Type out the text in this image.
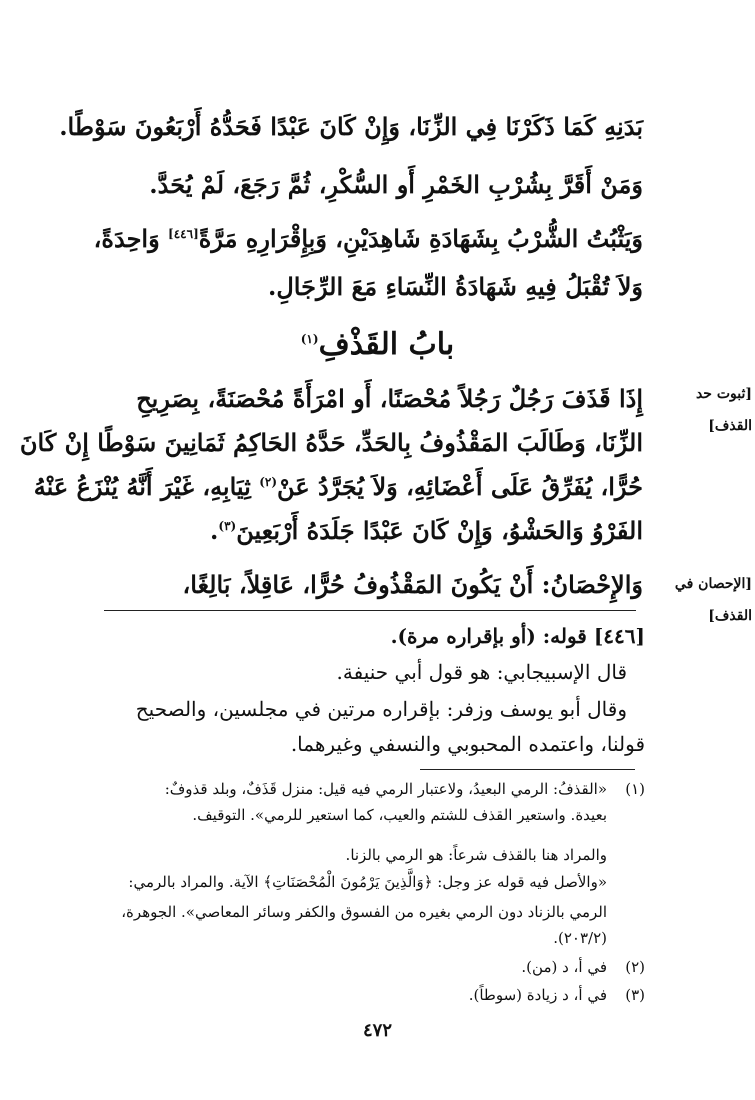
بَدَنِهِ كَمَا ذَكَرْنَا فِي الزِّنَا، وَإِنْ كَانَ عَبْدًا فَحَدُّهُ أَرْبَعُونَ سَوْطًا.
وَمَنْ أَقَرَّ بِشُرْبِ الخَمْرِ أَو السُّكْرِ، ثُمَّ رَجَعَ، لَمْ يُحَدَّ.
وَيَثْبُتُ الشُّرْبُ بِشَهَادَةِ شَاهِدَيْنِ، وَبِإِقْرَارِهِ مَرَّةً[٤٤٦] وَاحِدَةً،
وَلاَ تُقْبَلُ فِيهِ شَهَادَةُ النِّسَاءِ مَعَ الرِّجَالِ.
بابُ القَذْفِ$^{(١)}$
[ثبوت حد
القذف]
[الإحصان في
القذف]
إِذَا قَذَفَ رَجُلٌ رَجُلاً مُحْصَنًا، أَو امْرَأَةً مُحْصَنَةً، بِصَرِيحِ
الزِّنَا، وَطَالَبَ المَقْذُوفُ بِالحَدِّ، حَدَّهُ الحَاكِمُ ثَمَانِينَ سَوْطًا إِنْ كَانَ
حُرًّا، يُفَرِّقُ عَلَى أَعْضَائِهِ، وَلاَ يُجَرَّدُ عَنْ$^{(٢)}$ ثِيَابِهِ، غَيْرَ أَنَّهُ يُنْزَعُ عَنْهُ
الفَرْوُ وَالحَشْوُ، وَإِنْ كَانَ عَبْدًا جَلَدَهُ أَرْبَعِينَ$^{(٣)}$.
وَالإِحْصَانُ: أَنْ يَكُونَ المَقْذُوفُ حُرًّا، عَاقِلاً، بَالِغًا،
[٤٤٦] قوله: (أو بإقراره مرة).
قال الإسبيجابي: هو قول أبي حنيفة.
وقال أبو يوسف وزفر: بإقراره مرتين في مجلسين، والصحيح
قولنا، واعتمده المحبوبي والنسفي وغيرهما.
(١)
«القذفُ: الرمي البعيدُ، ولاعتبار الرمي فيه قيل: منزل قَذَفٌ، وبلد قذوفٌ:
بعيدة. واستعير القذف للشتم والعيب، كما استعير للرمي». التوقيف.
والمراد هنا بالقذف شرعاً: هو الرمي بالزنا.
«والأصل فيه قوله عز وجل: ﴿وَالَّذِينَ يَرْمُونَ الْمُحْصَنَاتِ﴾ الآية. والمراد بالرمي:
الرمي بالزناد دون الرمي بغيره من الفسوق والكفر وسائر المعاصي». الجوهرة،
(٢٠٣/٢).
(٢)
في أ، د (من).
(٣)
في أ، د زيادة (سوطاً).
٤٧٢
